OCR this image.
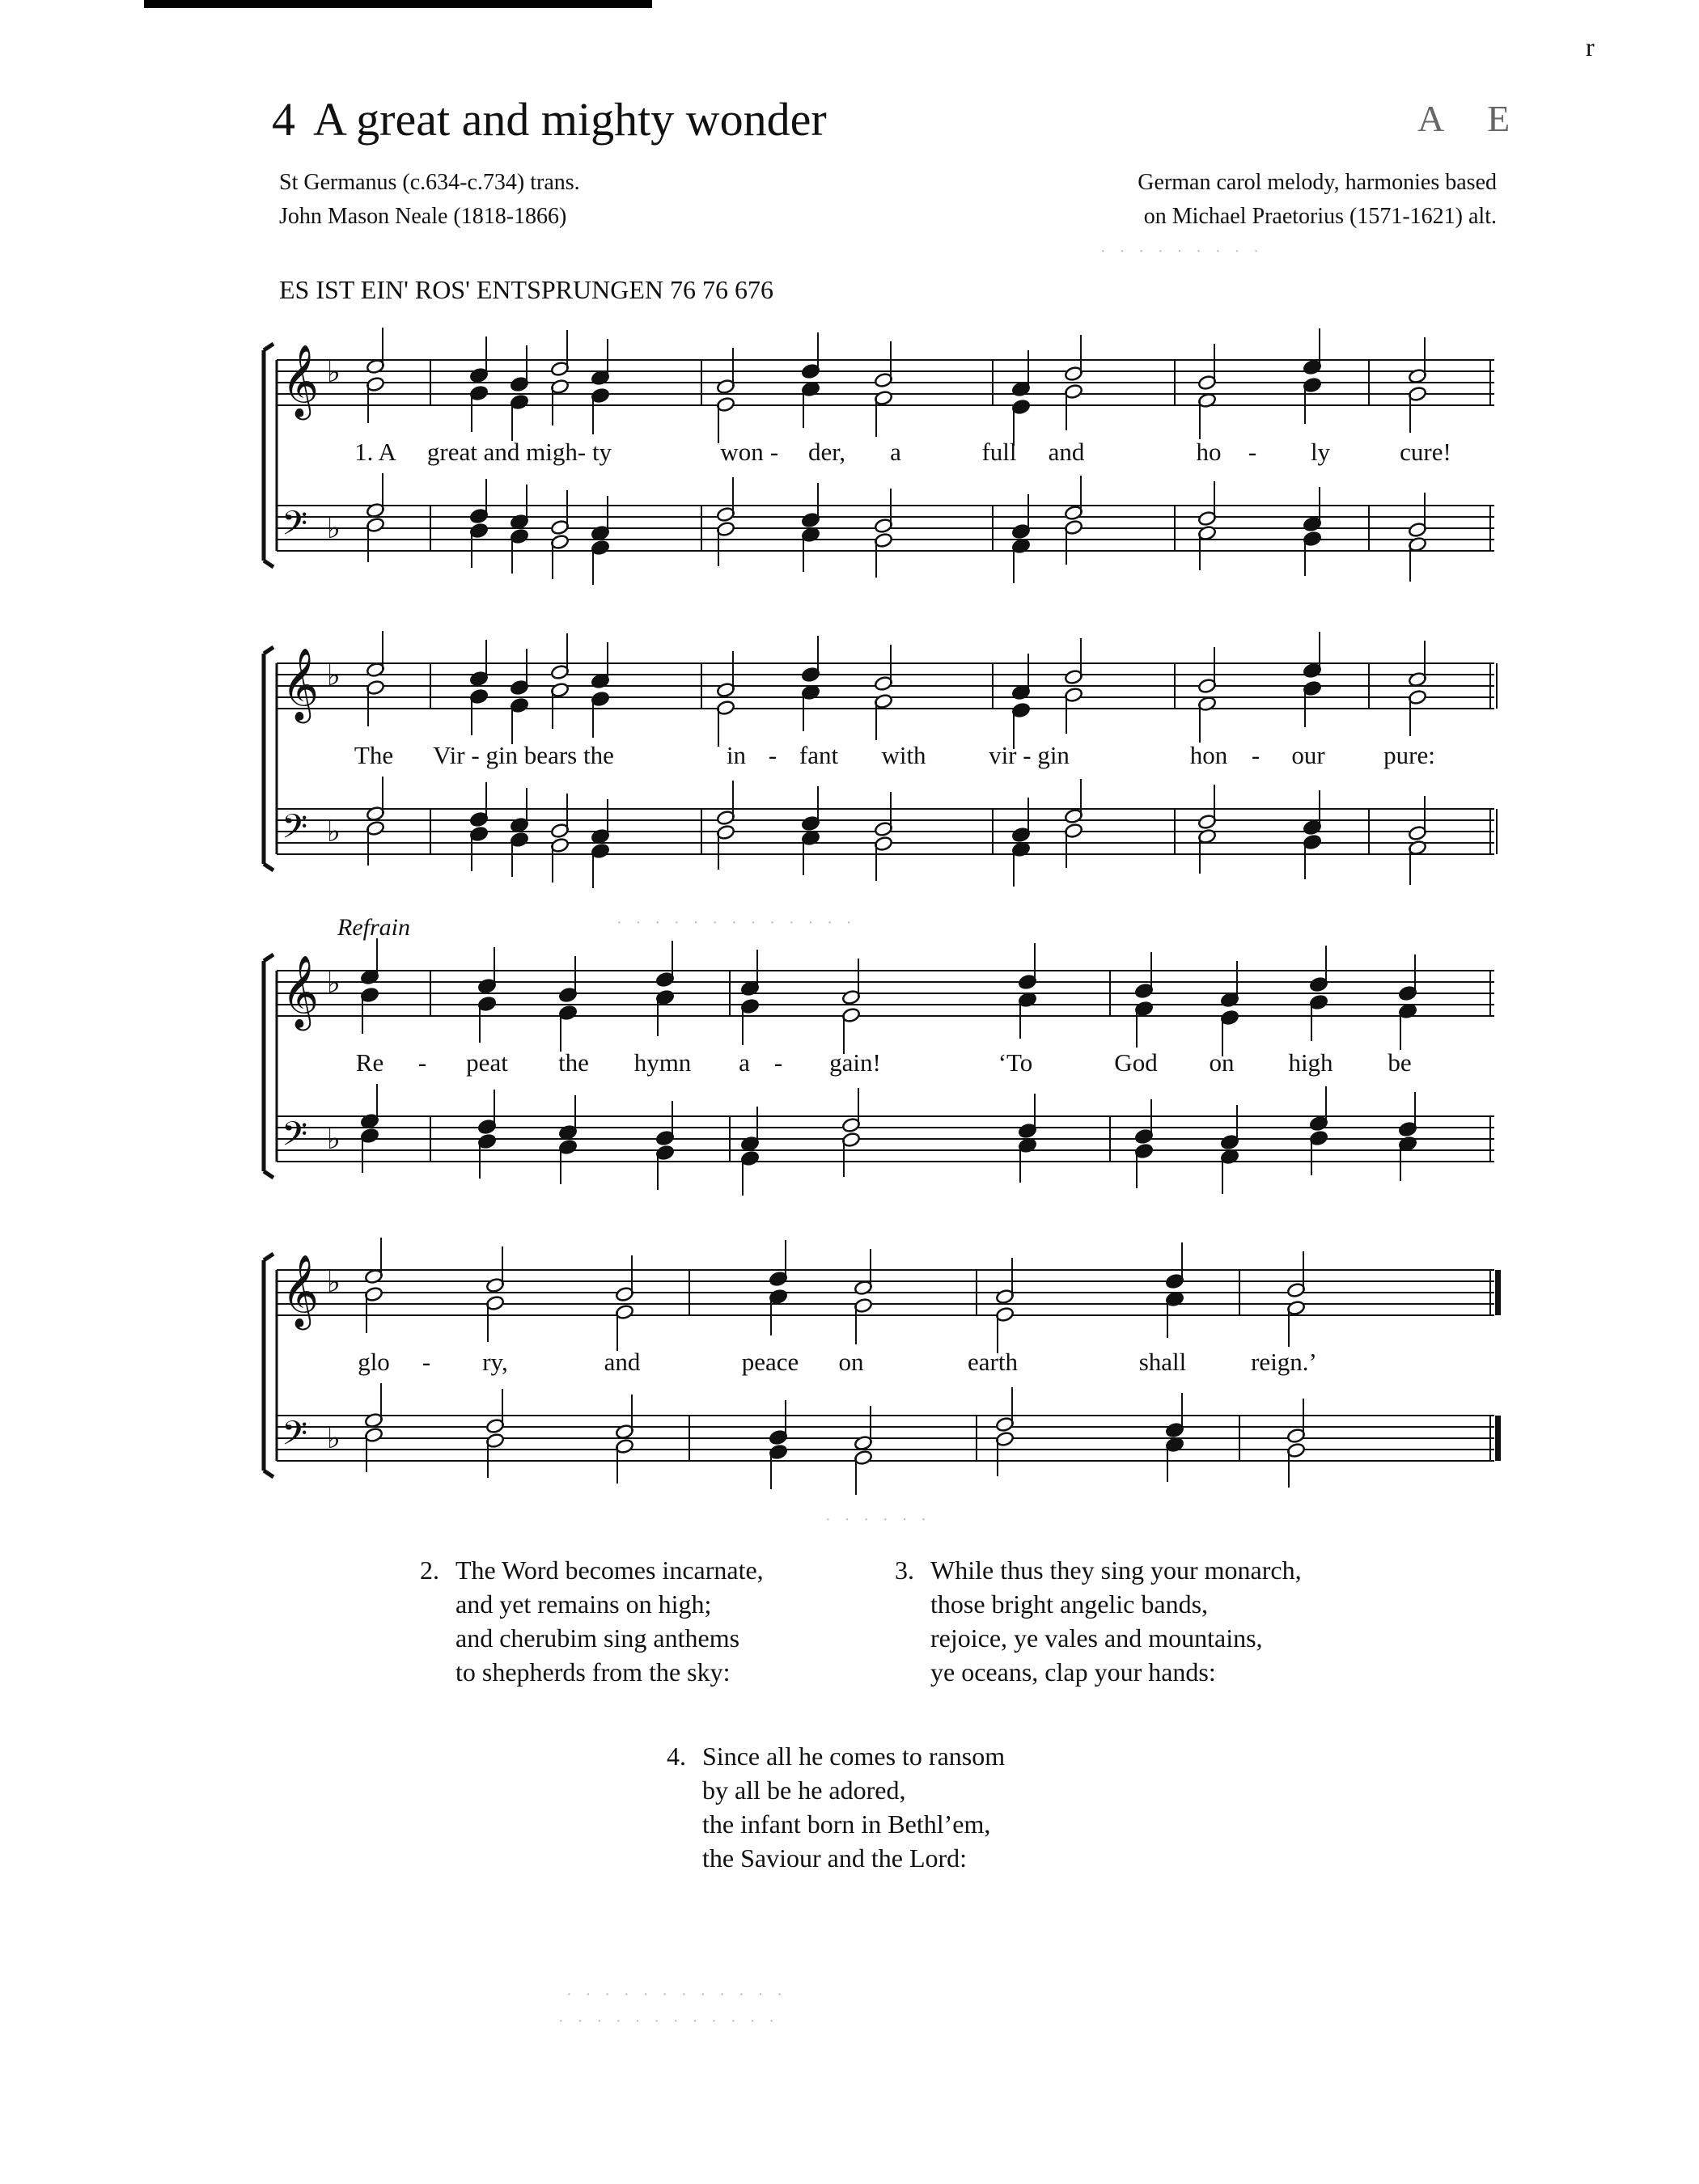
r
4 A great and mighty wonder	A E
St Germanus (c.634-c.734) trans.
John Mason Neale (1818-1866)
German carol melody, harmonies based
on Michael Praetorius (1571-1621) alt.
· · · · · · · · ·
ES IST EIN' ROS' ENTSPRUNGEN 76 76 676
𝄞 ♭
𝄢 ♭
1. A great and migh- ty	won - der, a	full and	ho - ly	cure!
𝄞 ♭
𝄢 ♭
The Vir - gin bears the	in - fant with	vir - gin	hon - our pure:
𝄞 ♭
𝄢 ♭
Refrain	· · · · · · · · · · · · ·
Re - peat the hymn a - gain!	‘To	God on high be
𝄞 ♭
𝄢 ♭
glo - ry,	and	peace on	earth	shall	reign.’
· · · · · ·
2. The Word becomes incarnate,
and yet remains on high;
and cherubim sing anthems
to shepherds from the sky:
3. While thus they sing your monarch,
those bright angelic bands,
rejoice, ye vales and mountains,
ye oceans, clap your hands:
4. Since all he comes to ransom
by all be he adored,
the infant born in Bethl’em,
the Saviour and the Lord:
· · · · · · · · · · · ·
· · · · · · · · · · · ·
